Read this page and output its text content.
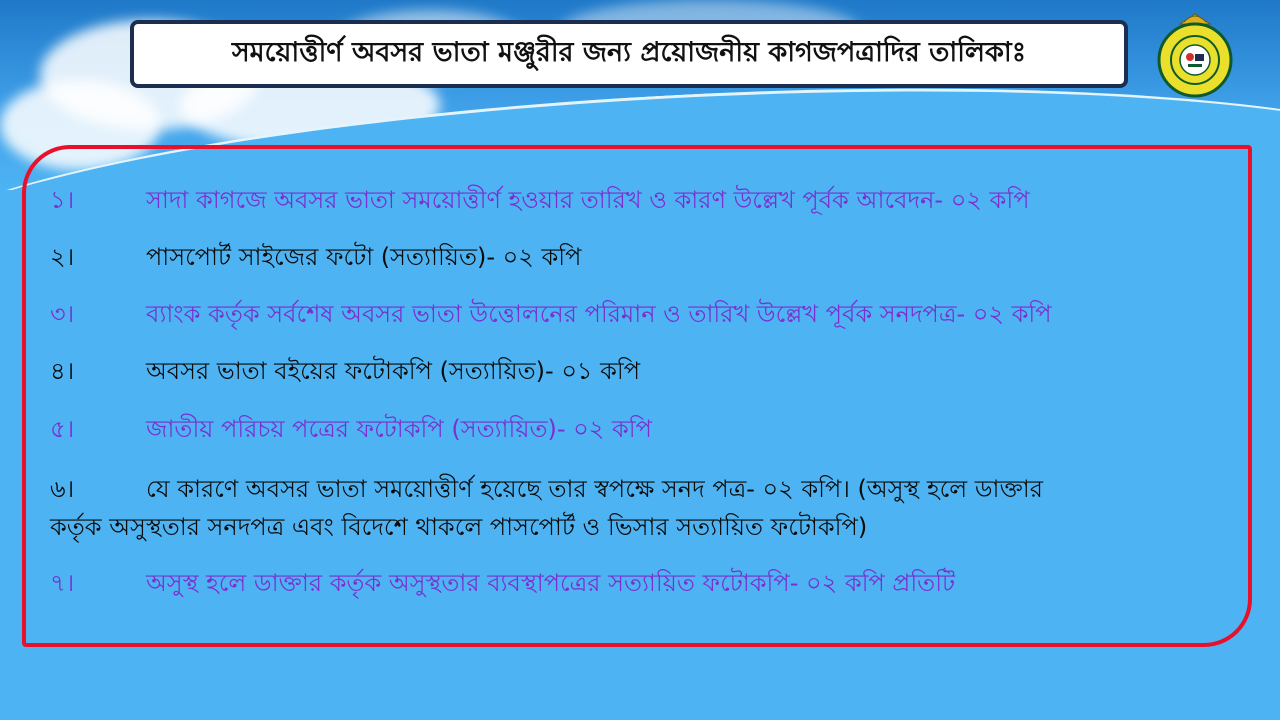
সময়োত্তীর্ণ অবসর ভাতা মঞ্জুরীর জন্য প্রয়োজনীয় কাগজপত্রাদির তালিকাঃ
১।	সাদা কাগজে অবসর ভাতা সময়োত্তীর্ণ হওয়ার তারিখ ও কারণ উল্লেখ পূর্বক আবেদন- ০২ কপি
২।	পাসপোর্ট সাইজের ফটো (সত্যায়িত)- ০২ কপি
৩।	ব্যাংক কর্তৃক সর্বশেষ অবসর ভাতা উত্তোলনের পরিমান ও তারিখ উল্লেখ পূর্বক সনদপত্র- ০২ কপি
৪।	অবসর ভাতা বইয়ের ফটোকপি (সত্যায়িত)- ০১ কপি
৫।	জাতীয় পরিচয় পত্রের ফটোকপি (সত্যায়িত)- ০২ কপি
৬।	যে কারণে অবসর ভাতা সময়োত্তীর্ণ হয়েছে তার স্বপক্ষে সনদ পত্র- ০২ কপি। (অসুস্থ হলে ডাক্তার
কর্তৃক অসুস্থতার সনদপত্র এবং বিদেশে থাকলে পাসপোর্ট ও ভিসার সত্যায়িত ফটোকপি)
৭।	অসুস্থ হলে ডাক্তার কর্তৃক অসুস্থতার ব্যবস্থাপত্রের সত্যায়িত ফটোকপি- ০২ কপি প্রতিটি
